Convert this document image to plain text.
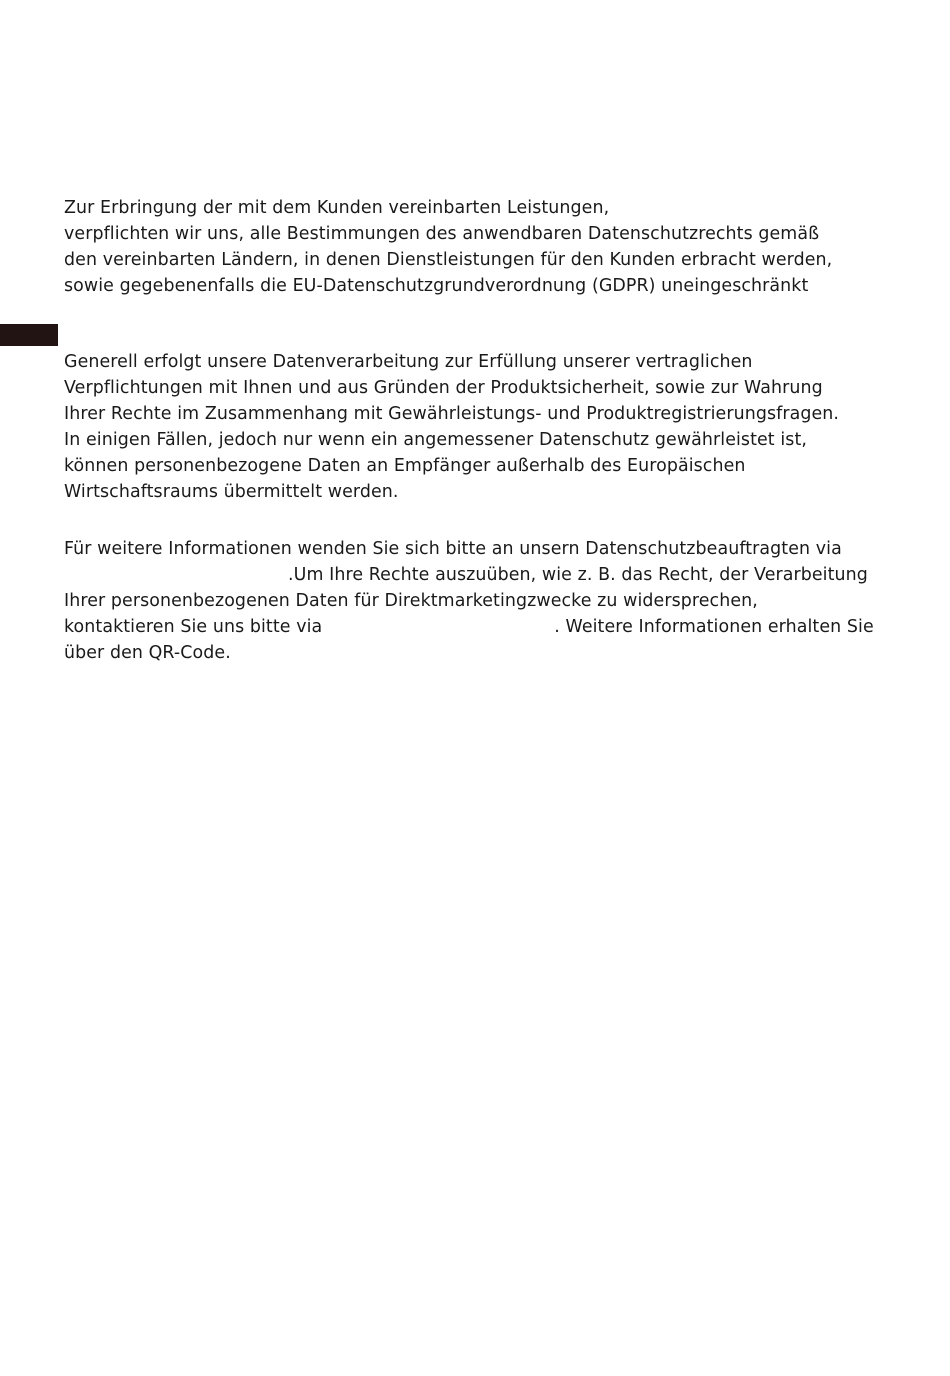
Zur Erbringung der mit dem Kunden vereinbarten Leistungen,
verpflichten wir uns, alle Bestimmungen des anwendbaren Datenschutzrechts gemäß
den vereinbarten Ländern, in denen Dienstleistungen für den Kunden erbracht werden,
sowie gegebenenfalls die EU-Datenschutzgrundverordnung (GDPR) uneingeschränkt

Generell erfolgt unsere Datenverarbeitung zur Erfüllung unserer vertraglichen
Verpflichtungen mit Ihnen und aus Gründen der Produktsicherheit, sowie zur Wahrung
Ihrer Rechte im Zusammenhang mit Gewährleistungs- und Produktregistrierungsfragen.
In einigen Fällen, jedoch nur wenn ein angemessener Datenschutz gewährleistet ist,
können personenbezogene Daten an Empfänger außerhalb des Europäischen
Wirtschaftsraums übermittelt werden.

Für weitere Informationen wenden Sie sich bitte an unsern Datenschutzbeauftragten via
.Um Ihre Rechte auszuüben, wie z. B. das Recht, der Verarbeitung
Ihrer personenbezogenen Daten für Direktmarketingzwecke zu widersprechen,
kontaktieren Sie uns bitte via	. Weitere Informationen erhalten Sie
über den QR-Code.
